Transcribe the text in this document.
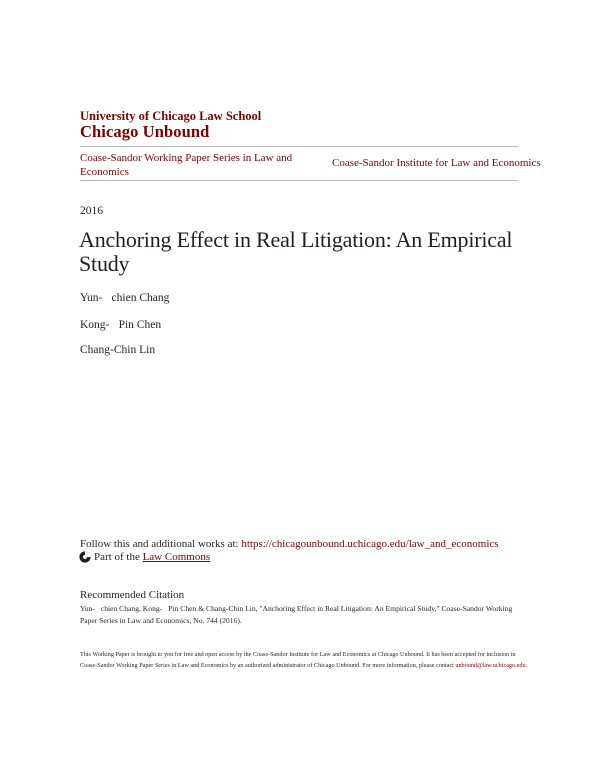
University of Chicago Law School
Chicago Unbound
Coase-Sandor Working Paper Series in Law and Economics
Coase-Sandor Institute for Law and Economics
2016
Anchoring Effect in Real Litigation: An Empirical Study
Yun-chien Chang
Kong-Pin Chen
Chang-Chin Lin
Follow this and additional works at: https://chicagounbound.uchicago.edu/law_and_economics
Part of the
Law Commons
Recommended Citation
Yun-chien Chang, Kong-Pin Chen & Chang-Chin Lin, "Anchoring Effect in Real Litigation: An Empirical Study," Coase-Sandor Working Paper Series in Law and Economics, No. 744 (2016).
This Working Paper is brought to you for free and open access by the Coase-Sandor Institute for Law and Economics at Chicago Unbound. It has been accepted for inclusion in Coase-Sandor Working Paper Series in Law and Economics by an authorized administrator of Chicago Unbound. For more information, please contact unbound@law.uchicago.edu.
